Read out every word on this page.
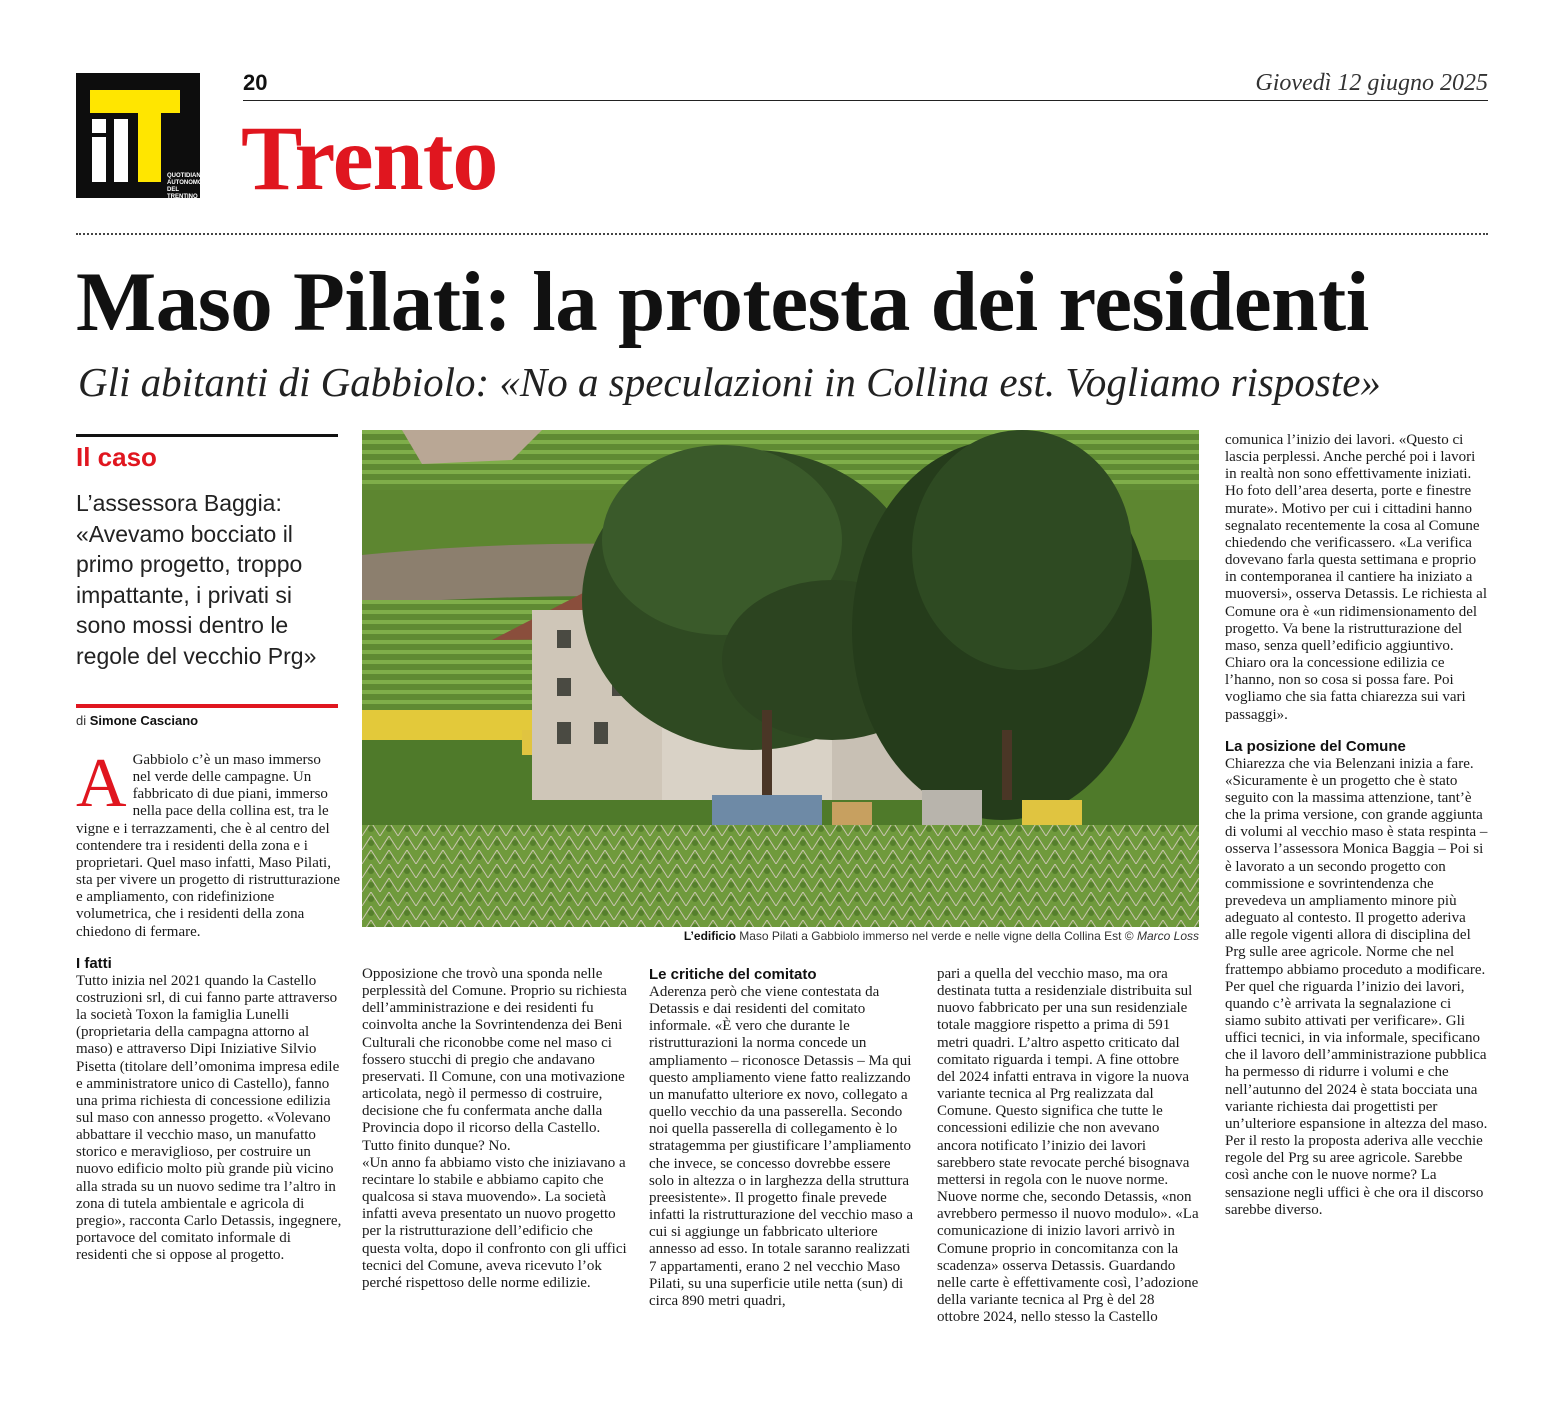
QUOTIDIANO
AUTONOMO
DEL TRENTINO
ALTO ADIGE /
SÜDTIROL
20	Giovedì 12 giugno 2025
Trento
Maso Pilati: la protesta dei residenti
Gli abitanti di Gabbiolo: «No a speculazioni in Collina est. Vogliamo risposte»
Il caso
L’assessora Baggia: «Avevamo bocciato il primo progetto, troppo impattante, i privati si sono mossi dentro le regole del vecchio Prg»
di Simone Casciano

A Gabbiolo c’è un maso immerso nel verde delle campagne. Un fabbricato di due piani, immerso nella pace della collina est, tra le vigne e i terrazzamenti, che è al centro del contendere tra i residenti della zona e i proprietari. Quel maso infatti, Maso Pilati, sta per vivere un progetto di ristrutturazione e ampliamento, con ridefinizione volumetrica, che i residenti della zona chiedono di fermare.

I fatti

Tutto inizia nel 2021 quando la Castello costruzioni srl, di cui fanno parte attraverso la società Toxon la famiglia Lunelli (proprietaria della campagna attorno al maso) e attraverso Dipi Iniziative Silvio Pisetta (titolare dell’omonima impresa edile e amministratore unico di Castello), fanno una prima richiesta di concessione edilizia sul maso con annesso progetto. «Volevano abbattare il vecchio maso, un manufatto storico e meraviglioso, per costruire un nuovo edificio molto più grande più vicino alla strada su un nuovo sedime tra l’altro in zona di tutela ambientale e agricola di pregio», racconta Carlo Detassis, ingegnere, portavoce del comitato informale di residenti che si oppose al progetto.

L’edificio Maso Pilati a Gabbiolo immerso nel verde e nelle vigne della Collina Est © Marco Loss

Opposizione che trovò una sponda nelle perplessità del Comune. Proprio su richiesta dell’amministrazione e dei residenti fu coinvolta anche la Sovrintendenza dei Beni Culturali che riconobbe come nel maso ci fossero stucchi di pregio che andavano preservati. Il Comune, con una motivazione articolata, negò il permesso di costruire, decisione che fu confermata anche dalla Provincia dopo il ricorso della Castello. Tutto finito dunque? No.

«Un anno fa abbiamo visto che iniziavano a recintare lo stabile e abbiamo capito che qualcosa si stava muovendo». La società infatti aveva presentato un nuovo progetto per la ristrutturazione dell’edificio che questa volta, dopo il confronto con gli uffici tecnici del Comune, aveva ricevuto l’ok perché rispettoso delle norme edilizie.

Le critiche del comitato

Aderenza però che viene contestata da Detassis e dai residenti del comitato informale. «È vero che durante le ristrutturazioni la norma concede un ampliamento – riconosce Detassis – Ma qui questo ampliamento viene fatto realizzando un manufatto ulteriore ex novo, collegato a quello vecchio da una passerella. Secondo noi quella passerella di collegamento è lo stratagemma per giustificare l’ampliamento che invece, se concesso dovrebbe essere solo in altezza o in larghezza della struttura preesistente». Il progetto finale prevede infatti la ristrutturazione del vecchio maso a cui si aggiunge un fabbricato ulteriore annesso ad esso. In totale saranno realizzati 7 appartamenti, erano 2 nel vecchio Maso Pilati, su una superficie utile netta (sun) di circa 890 metri quadri,

pari a quella del vecchio maso, ma ora destinata tutta a residenziale distribuita sul nuovo fabbricato per una sun residenziale totale maggiore rispetto a prima di 591 metri quadri. L’altro aspetto criticato dal comitato riguarda i tempi. A fine ottobre del 2024 infatti entrava in vigore la nuova variante tecnica al Prg realizzata dal Comune. Questo significa che tutte le concessioni edilizie che non avevano ancora notificato l’inizio dei lavori sarebbero state revocate perché bisognava mettersi in regola con le nuove norme. Nuove norme che, secondo Detassis, «non avrebbero permesso il nuovo modulo». «La comunicazione di inizio lavori arrivò in Comune proprio in concomitanza con la scadenza» osserva Detassis. Guardando nelle carte è effettivamente così, l’adozione della variante tecnica al Prg è del 28 ottobre 2024, nello stesso la Castello

comunica l’inizio dei lavori. «Questo ci lascia perplessi. Anche perché poi i lavori in realtà non sono effettivamente iniziati. Ho foto dell’area deserta, porte e finestre murate». Motivo per cui i cittadini hanno segnalato recentemente la cosa al Comune chiedendo che verificassero. «La verifica dovevano farla questa settimana e proprio in contemporanea il cantiere ha iniziato a muoversi», osserva Detassis. Le richiesta al Comune ora è «un ridimensionamento del progetto. Va bene la ristrutturazione del maso, senza quell’edificio aggiuntivo. Chiaro ora la concessione edilizia ce l’hanno, non so cosa si possa fare. Poi vogliamo che sia fatta chiarezza sui vari passaggi».

La posizione del Comune

Chiarezza che via Belenzani inizia a fare. «Sicuramente è un progetto che è stato seguito con la massima attenzione, tant’è che la prima versione, con grande aggiunta di volumi al vecchio maso è stata respinta – osserva l’assessora Monica Baggia – Poi si è lavorato a un secondo progetto con commissione e sovrintendenza che prevedeva un ampliamento minore più adeguato al contesto. Il progetto aderiva alle regole vigenti allora di disciplina del Prg sulle aree agricole. Norme che nel frattempo abbiamo proceduto a modificare. Per quel che riguarda l’inizio dei lavori, quando c’è arrivata la segnalazione ci siamo subito attivati per verificare». Gli uffici tecnici, in via informale, specificano che il lavoro dell’amministrazione pubblica ha permesso di ridurre i volumi e che nell’autunno del 2024 è stata bocciata una variante richiesta dai progettisti per un’ulteriore espansione in altezza del maso. Per il resto la proposta aderiva alle vecchie regole del Prg su aree agricole. Sarebbe così anche con le nuove norme? La sensazione negli uffici è che ora il discorso sarebbe diverso.
